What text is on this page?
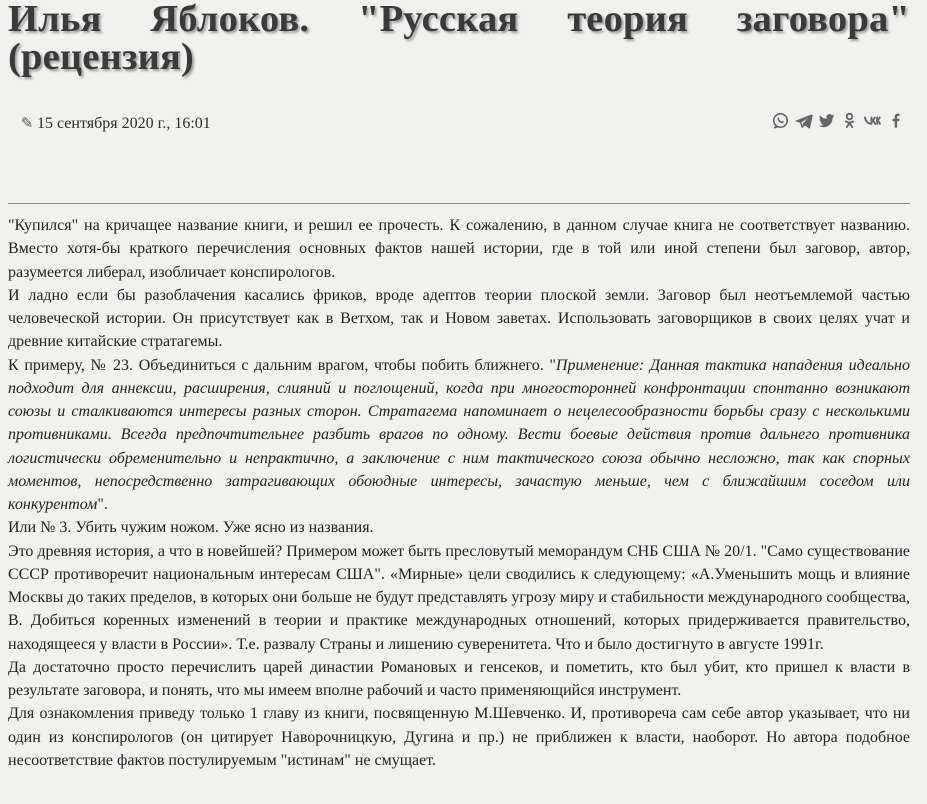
Илья Яблоков. "Русская теория заговора" (рецензия)
✎ 15 сентября 2020 г., 16:01

"Купился" на кричащее название книги, и решил ее прочесть. К сожалению, в данном случае книга не соответствует названию. Вместо хотя-бы краткого перечисления основных фактов нашей истории, где в той или иной степени был заговор, автор, разумеется либерал, изобличает конспирологов.

И ладно если бы разоблачения касались фриков, вроде адептов теории плоской земли. Заговор был неотъемлемой частью человеческой истории. Он присутствует как в Ветхом, так и Новом заветах. Использовать заговорщиков в своих целях учат и древние китайские стратагемы.

К примеру, № 23. Объединиться с дальним врагом, чтобы побить ближнего. "Применение: Данная тактика нападения идеально подходит для аннексии, расширения, слияний и поглощений, когда при многосторонней конфронтации спонтанно возникают союзы и сталкиваются интересы разных сторон. Стратагема напоминает о нецелесообразности борьбы сразу с несколькими противниками. Всегда предпочтительнее разбить врагов по одному. Вести боевые действия против дальнего противника логистически обременительно и непрактично, а заключение с ним тактического союза обычно несложно, так как спорных моментов, непосредственно затрагивающих обоюдные интересы, зачастую меньше, чем с ближайшим соседом или конкурентом".

Или № 3. Убить чужим ножом. Уже ясно из названия.

Это древняя история, а что в новейшей? Примером может быть пресловутый меморандум СНБ США № 20/1. "Само существование СССР противоречит национальным интересам США". «Мирные» цели сводились к следующему: «А.Уменьшить мощь и влияние Москвы до таких пределов, в которых они больше не будут представлять угрозу миру и стабильности международного сообщества, В. Добиться коренных изменений в теории и практике международных отношений, которых придерживается правительство, находящееся у власти в России». Т.е. развалу Страны и лишению суверенитета. Что и было достигнуто в августе 1991г.

Да достаточно просто перечислить царей династии Романовых и генсеков, и пометить, кто был убит, кто пришел к власти в результате заговора, и понять, что мы имеем вполне рабочий и часто применяющийся инструмент.

Для ознакомления приведу только 1 главу из книги, посвященную М.Шевченко. И, противореча сам себе автор указывает, что ни один из конспирологов (он цитирует Наворочницкую, Дугина и пр.) не приближен к власти, наоборот. Но автора подобное несоответствие фактов постулируемым "истинам" не смущает.
